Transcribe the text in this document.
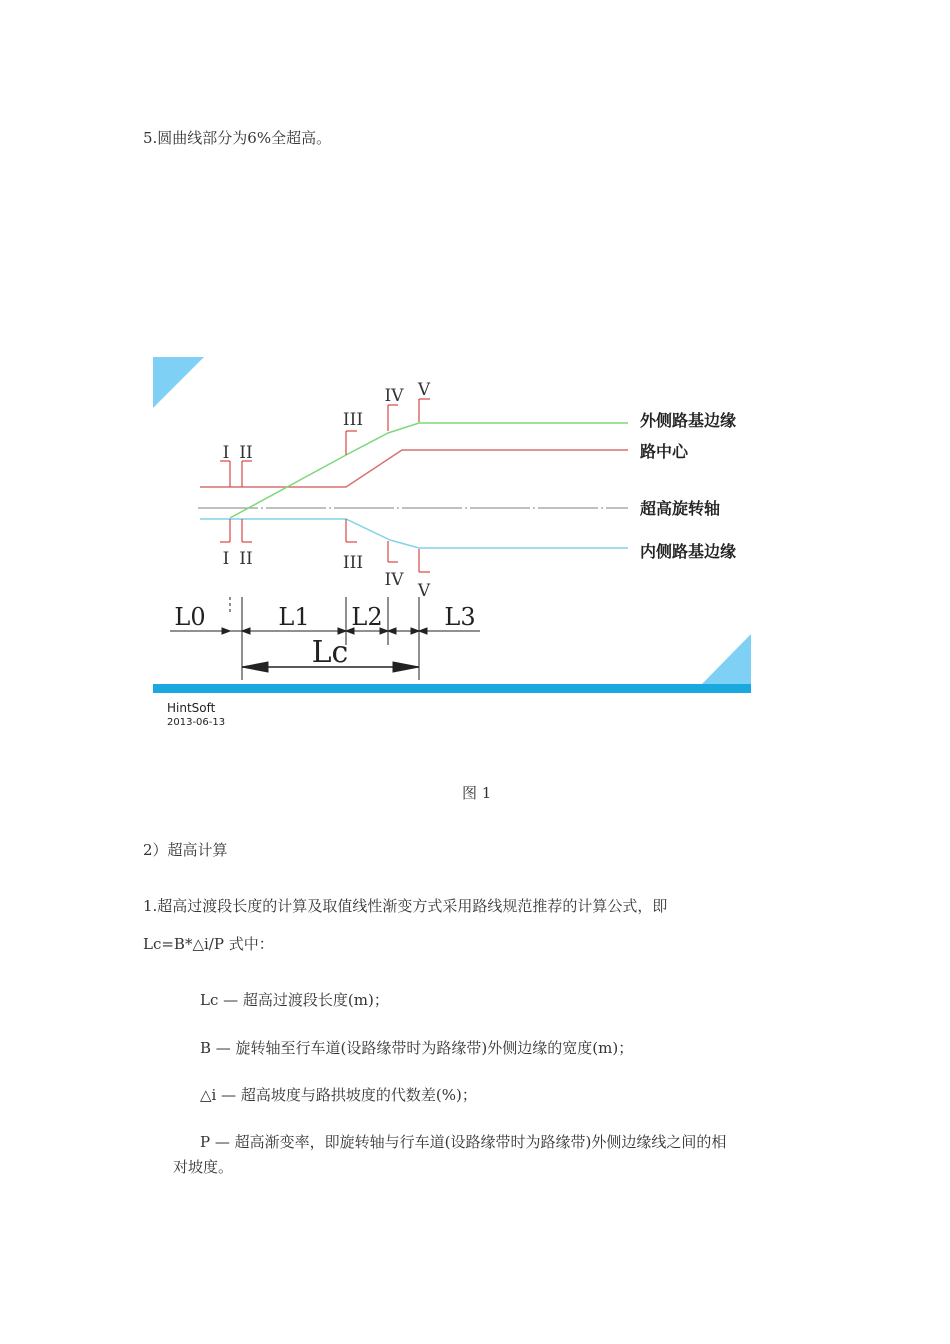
5.圆曲线部分为6%全超高。
I II
III
IV V
I II	III
IV
V
外侧路基边缘
路中心
超高旋转轴
内侧路基边缘
L0	L1 L2	L3
Lc
HintSoft
2013-06-13
图 1
2）超高计算
1.超高过渡段长度的计算及取值线性渐变方式采用路线规范推荐的计算公式，即
Lc=B*△i/P 式中：
Lc — 超高过渡段长度(m)；
B — 旋转轴至行车道(设路缘带时为路缘带)外侧边缘的宽度(m)；
△i — 超高坡度与路拱坡度的代数差(%)；
P — 超高渐变率，即旋转轴与行车道(设路缘带时为路缘带)外侧边缘线之间的相
对坡度。
